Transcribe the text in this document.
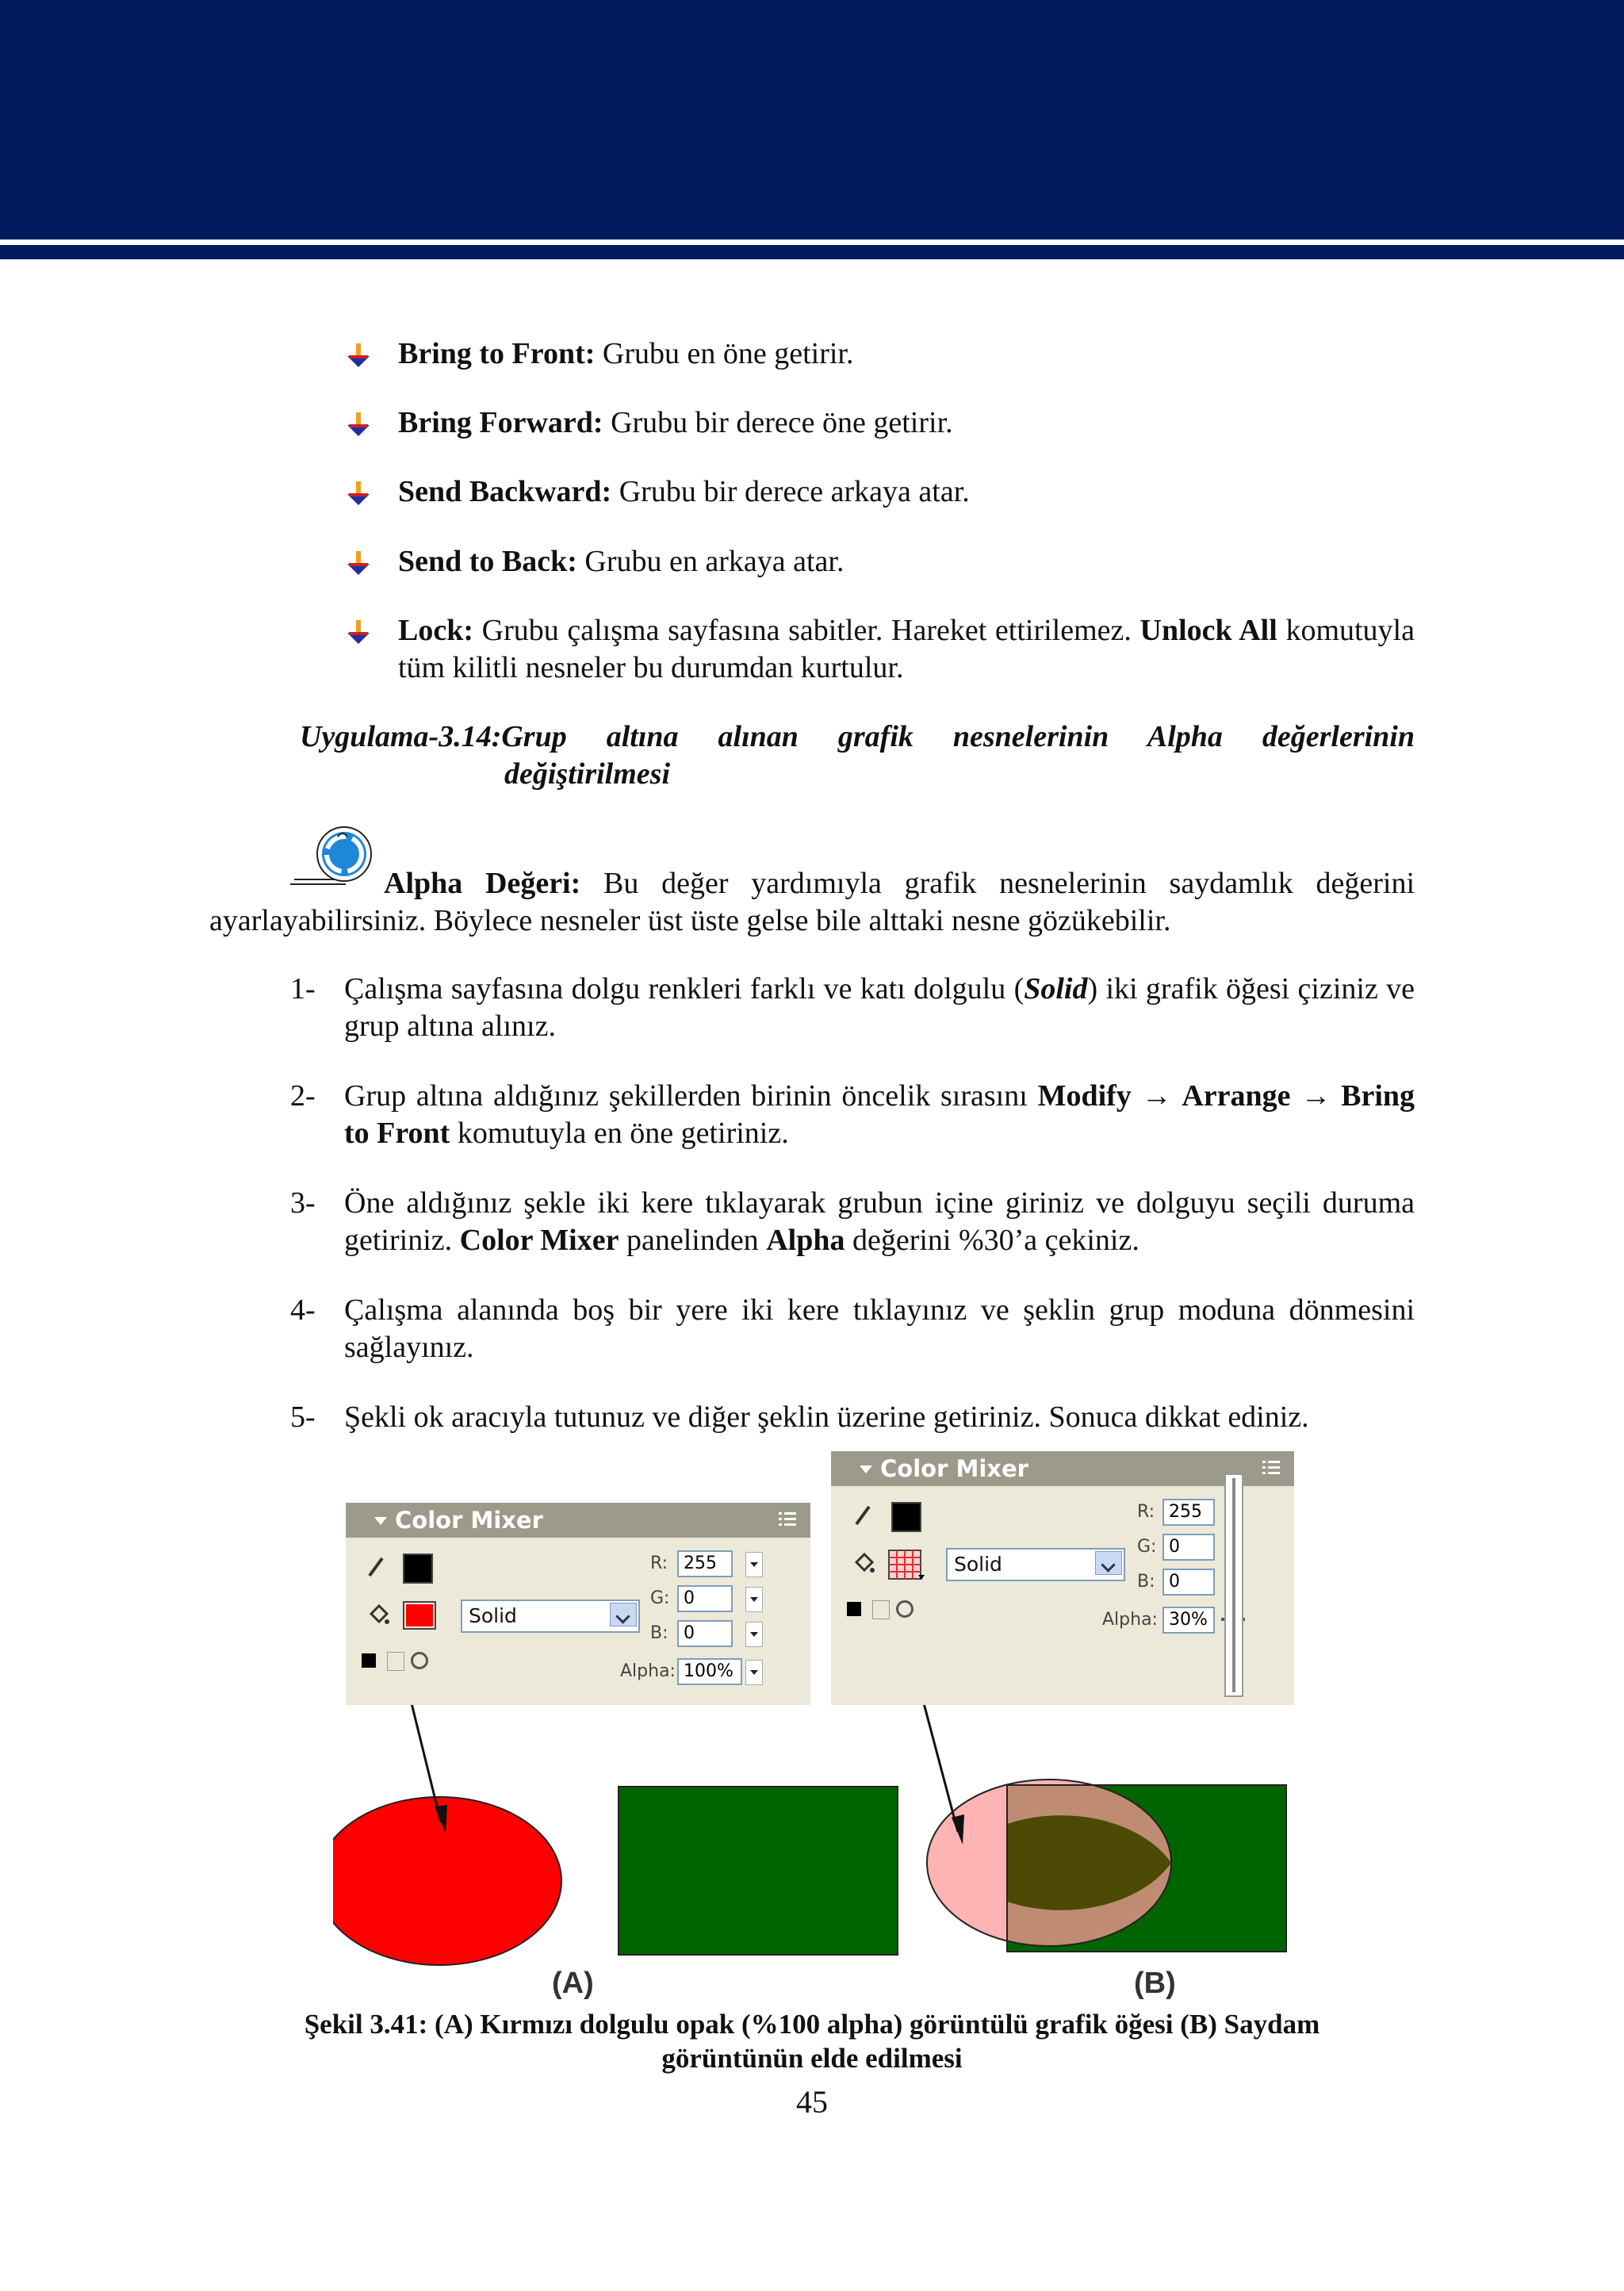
Bring to Front: Grubu en öne getirir.
Bring Forward: Grubu bir derece öne getirir.
Send Backward: Grubu bir derece arkaya atar.
Send to Back: Grubu en arkaya atar.
Lock: Grubu çalışma sayfasına sabitler. Hareket ettirilemez. Unlock All komutuyla tüm kilitli nesneler bu durumdan kurtulur.
Uygulama-3.14:Grup altına alınan grafik nesnelerinin Alpha değerlerinin
değiştirilmesi
Alpha Değeri: Bu değer yardımıyla grafik nesnelerinin saydamlık değerini
ayarlayabilirsiniz. Böylece nesneler üst üste gelse bile alttaki nesne gözükebilir.
1- Çalışma sayfasına dolgu renkleri farklı ve katı dolgulu (Solid) iki grafik öğesi çiziniz ve grup altına alınız.
2- Grup altına aldığınız şekillerden birinin öncelik sırasını Modify → Arrange → Bring to Front komutuyla en öne getiriniz.
3- Öne aldığınız şekle iki kere tıklayarak grubun içine giriniz ve dolguyu seçili duruma getiriniz. Color Mixer panelinden Alpha değerini %30’a çekiniz.
4- Çalışma alanında boş bir yere iki kere tıklayınız ve şeklin grup moduna dönmesini sağlayınız.
5- Şekli ok aracıyla tutunuz ve diğer şeklin üzerine getiriniz. Sonuca dikkat ediniz.
Color Mixer
Solid
R: 255
G: 0
B: 0
Alpha: 100%
Color Mixer
Solid
R: 255
G: 0
B: 0
Alpha: 30%
(A)	(B)
Şekil 3.41: (A) Kırmızı dolgulu opak (%100 alpha) görüntülü grafik öğesi (B) Saydam
görüntünün elde edilmesi
45
